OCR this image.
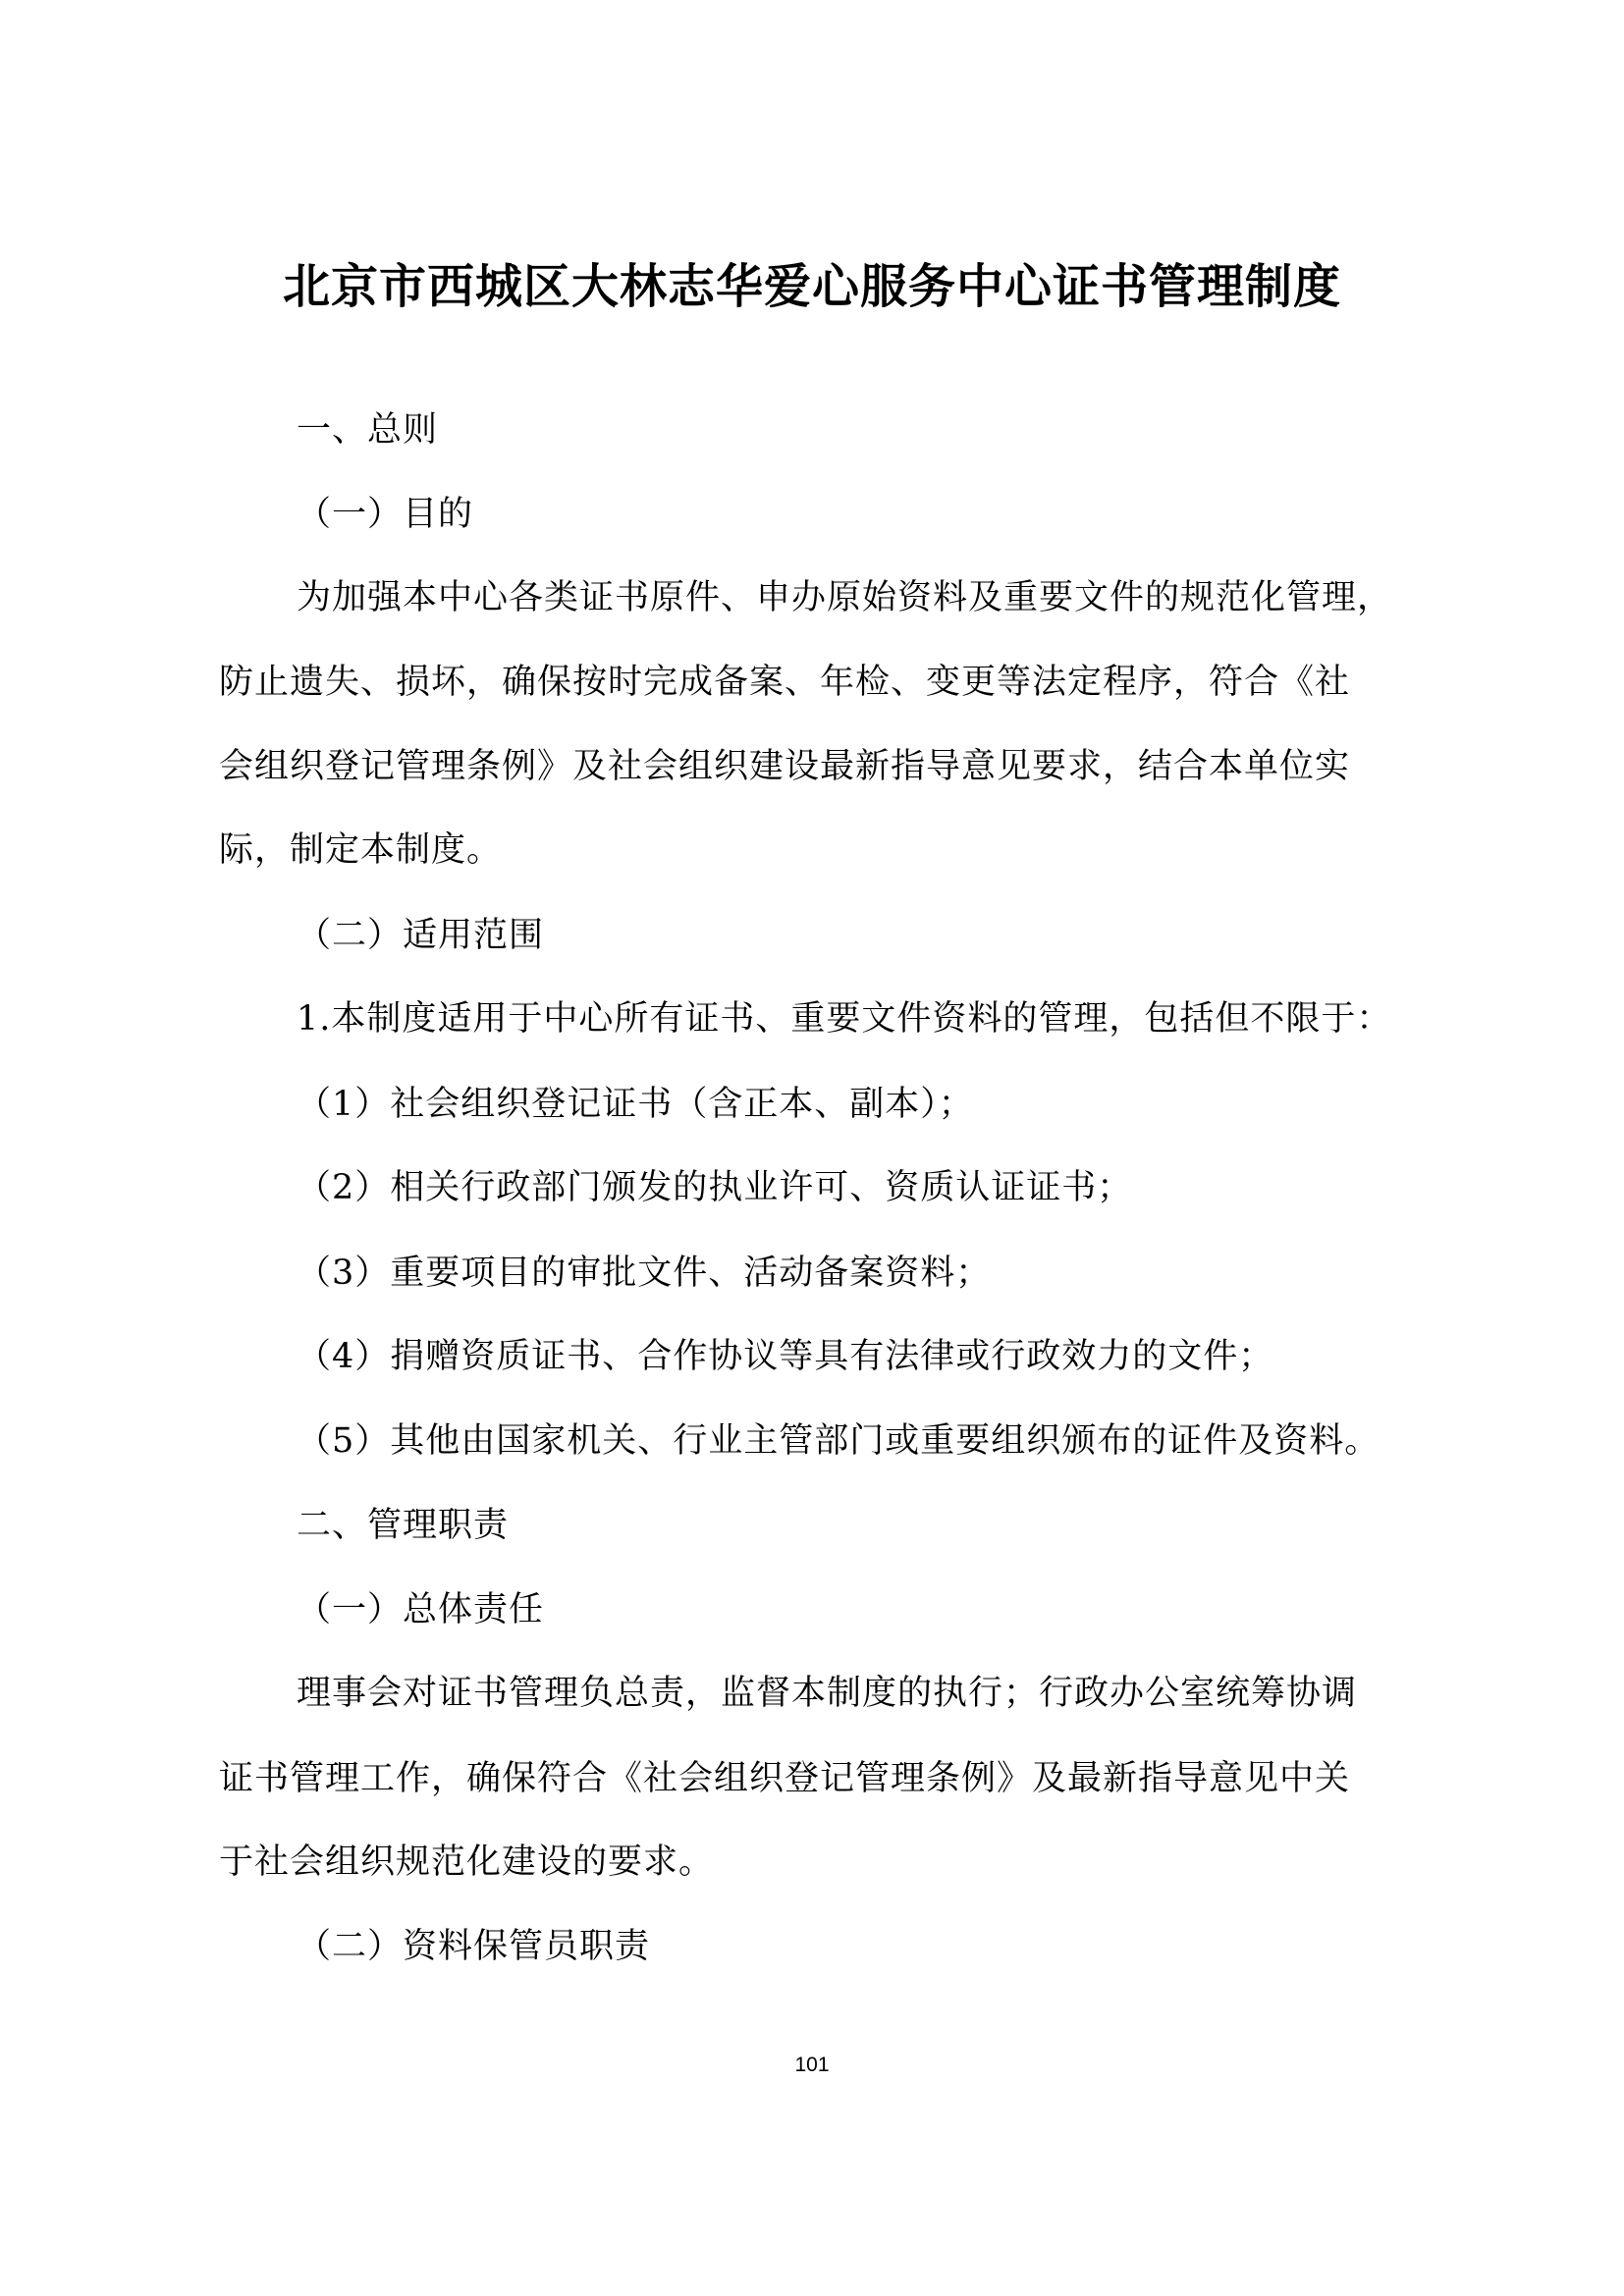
北京市西城区大林志华爱心服务中心证书管理制度
一、总则
（一）目的
为加强本中心各类证书原件、申办原始资料及重要文件的规范化管理，
防止遗失、损坏，确保按时完成备案、年检、变更等法定程序，符合《社
会组织登记管理条例》及社会组织建设最新指导意见要求，结合本单位实
际，制定本制度。
（二）适用范围
1.本制度适用于中心所有证书、重要文件资料的管理，包括但不限于：
（1）社会组织登记证书（含正本、副本）；
（2）相关行政部门颁发的执业许可、资质认证证书；
（3）重要项目的审批文件、活动备案资料；
（4）捐赠资质证书、合作协议等具有法律或行政效力的文件；
（5）其他由国家机关、行业主管部门或重要组织颁布的证件及资料。
二、管理职责
（一）总体责任
理事会对证书管理负总责，监督本制度的执行；行政办公室统筹协调
证书管理工作，确保符合《社会组织登记管理条例》及最新指导意见中关
于社会组织规范化建设的要求。
（二）资料保管员职责
101
